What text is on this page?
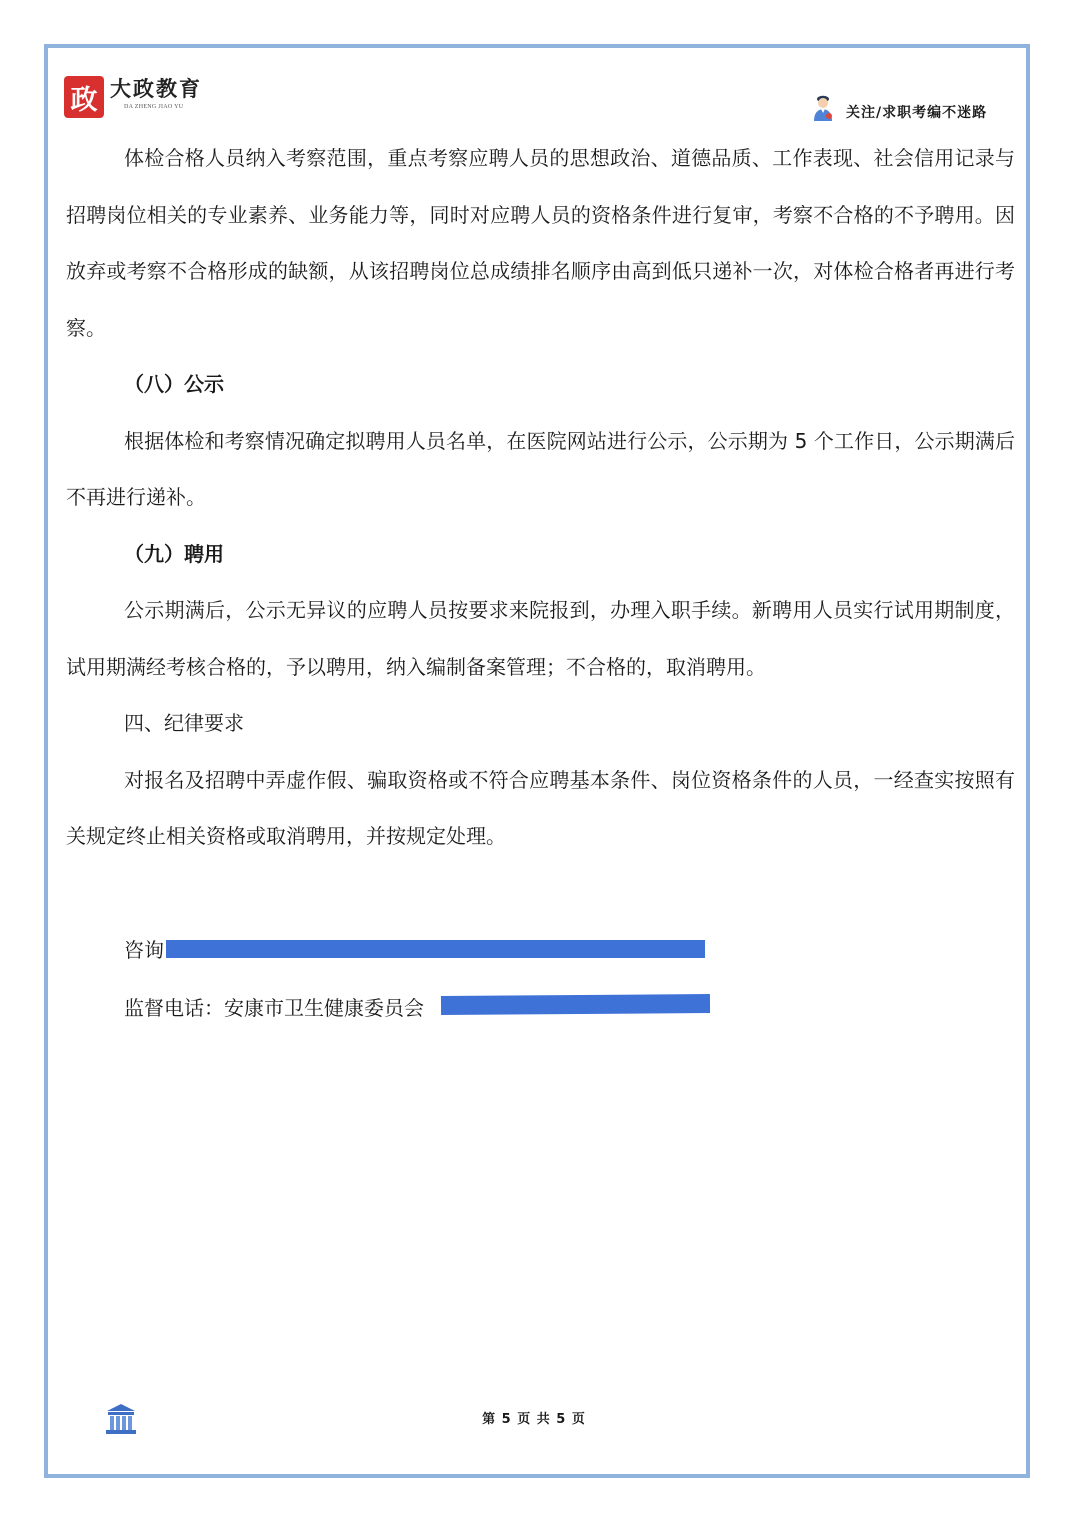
政 大政教育
DA ZHENG JIAO YU	关注/求职考编不迷路

体检合格人员纳入考察范围，重点考察应聘人员的思想政治、道德品质、工作表现、社会信用记录与招聘岗位相关的专业素养、业务能力等，同时对应聘人员的资格条件进行复审，考察不合格的不予聘用。因放弃或考察不合格形成的缺额，从该招聘岗位总成绩排名顺序由高到低只递补一次，对体检合格者再进行考察。

（八）公示

根据体检和考察情况确定拟聘用人员名单，在医院网站进行公示，公示期为 5 个工作日，公示期满后不再进行递补。

（九）聘用

公示期满后，公示无异议的应聘人员按要求来院报到，办理入职手续。新聘用人员实行试用期制度，试用期满经考核合格的，予以聘用，纳入编制备案管理；不合格的，取消聘用。

四、纪律要求

对报名及招聘中弄虚作假、骗取资格或不符合应聘基本条件、岗位资格条件的人员，一经查实按照有关规定终止相关资格或取消聘用，并按规定处理。

咨询
监督电话：安康市卫生健康委员会
第 5 页 共 5 页
